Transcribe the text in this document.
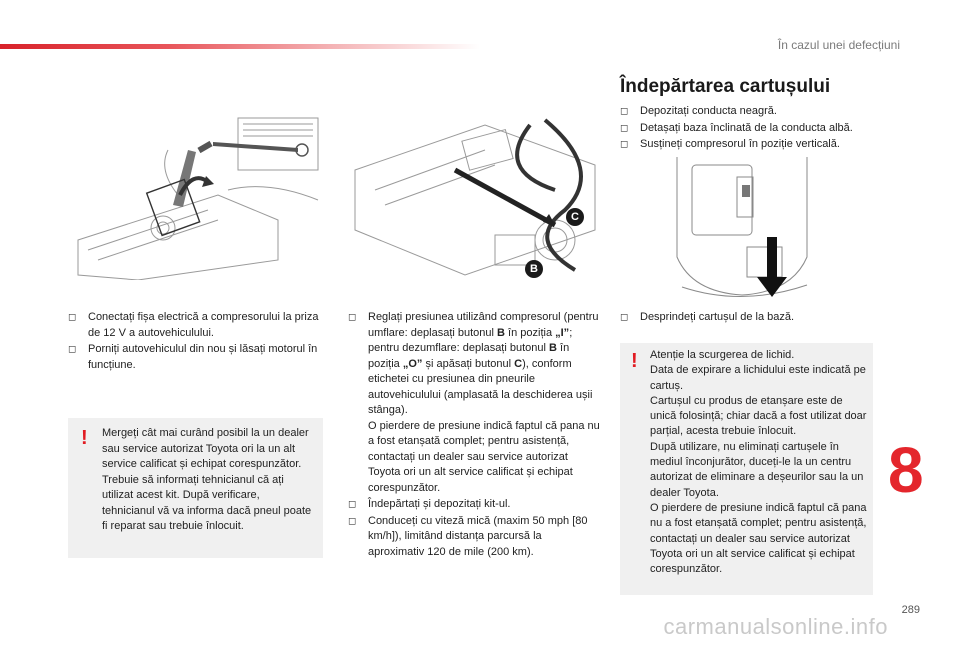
În cazul unei defecțiuni
C
B
◻	Conectați fișa electrică a compresorului la priza de 12 V a autovehiculului.
◻	Porniți autovehiculul din nou și lăsați motorul în funcțiune.
! Mergeți cât mai curând posibil la un dealer sau service autorizat Toyota ori la un alt service calificat și echipat corespunzător.
Trebuie să informați tehnicianul că ați utilizat acest kit. După verificare, tehnicianul vă va informa dacă pneul poate fi reparat sau trebuie înlocuit.
◻	Reglați presiunea utilizând compresorul (pentru umflare: deplasați butonul B în poziția „I”; pentru dezumflare: deplasați butonul B în poziția „O” și apăsați butonul C), conform etichetei cu presiunea din pneurile autovehiculului (amplasată la deschiderea ușii stânga).
O pierdere de presiune indică faptul că pana nu a fost etanșată complet; pentru asistență, contactați un dealer sau service autorizat Toyota ori un alt service calificat și echipat corespunzător.
◻	Îndepărtați și depozitați kit-ul.
◻	Conduceți cu viteză mică (maxim 50 mph [80 km/h]), limitând distanța parcursă la aproximativ 120 de mile (200 km).
Îndepărtarea cartușului
◻	Depozitați conducta neagră.
◻	Detașați baza înclinată de la conducta albă.
◻	Susțineți compresorul în poziție verticală.
◻	Desprindeți cartușul de la bază.
! Atenție la scurgerea de lichid.
Data de expirare a lichidului este indicată pe cartuș.
Cartușul cu produs de etanșare este de unică folosință; chiar dacă a fost utilizat doar parțial, acesta trebuie înlocuit.
După utilizare, nu eliminați cartușele în mediul înconjurător, duceți-le la un centru autorizat de eliminare a deșeurilor sau la un dealer Toyota.
O pierdere de presiune indică faptul că pana nu a fost etanșată complet; pentru asistență, contactați un dealer sau service autorizat Toyota ori un alt service calificat și echipat corespunzător.
8
289
carmanualsonline.info
